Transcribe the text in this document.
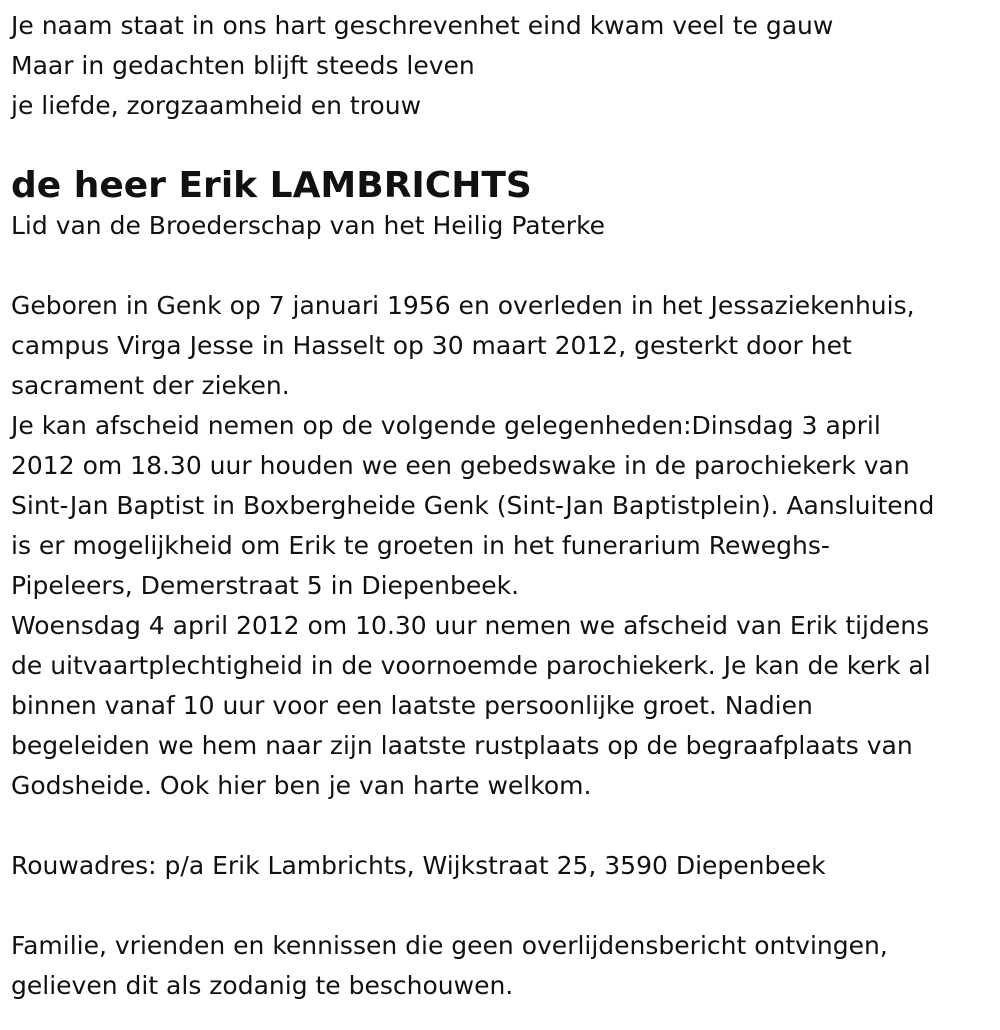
Je naam staat in ons hart geschrevenhet eind kwam veel te gauw

Maar in gedachten blijft steeds leven

je liefde, zorgzaamheid en trouw

de heer Erik LAMBRICHTS

Lid van de Broederschap van het Heilig Paterke

Geboren in Genk op 7 januari 1956 en overleden in het Jessaziekenhuis,

campus Virga Jesse in Hasselt op 30 maart 2012, gesterkt door het

sacrament der zieken.

Je kan afscheid nemen op de volgende gelegenheden:Dinsdag 3 april

2012 om 18.30 uur houden we een gebedswake in de parochiekerk van

Sint-Jan Baptist in Boxbergheide Genk (Sint-Jan Baptistplein). Aansluitend

is er mogelijkheid om Erik te groeten in het funerarium Reweghs-

Pipeleers, Demerstraat 5 in Diepenbeek.

Woensdag 4 april 2012 om 10.30 uur nemen we afscheid van Erik tijdens

de uitvaartplechtigheid in de voornoemde parochiekerk. Je kan de kerk al

binnen vanaf 10 uur voor een laatste persoonlijke groet. Nadien

begeleiden we hem naar zijn laatste rustplaats op de begraafplaats van

Godsheide. Ook hier ben je van harte welkom.

Rouwadres: p/a Erik Lambrichts, Wijkstraat 25, 3590 Diepenbeek

Familie, vrienden en kennissen die geen overlijdensbericht ontvingen,

gelieven dit als zodanig te beschouwen.
